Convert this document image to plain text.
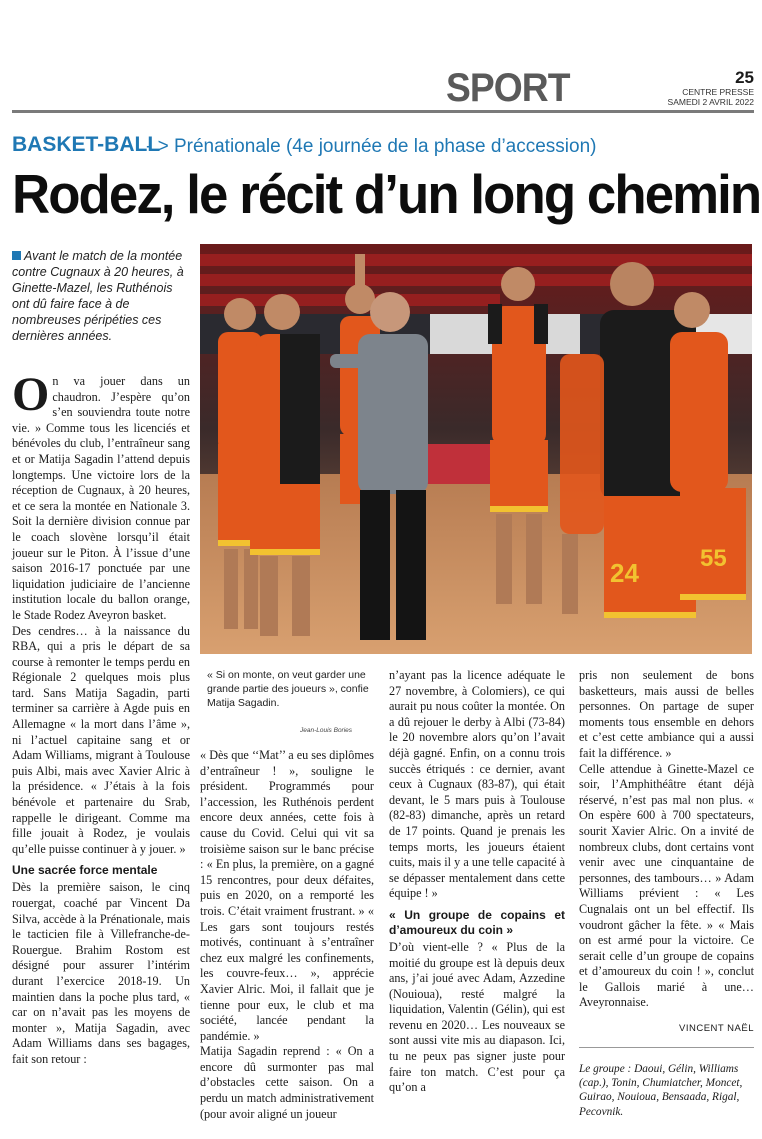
SPORT	25
CENTRE PRESSE
SAMEDI 2 AVRIL 2022
BASKET-BALL
- > Prénationale (4e journée de la phase d’accession)
Rodez, le récit d’un long chemin
Avant le match de la montée contre Cugnaux à 20 heures, à Ginette-Mazel, les Ruthénois ont dû faire face à de nombreuses péripéties ces dernières années.
24	55
« Si on monte, on veut garder une grande partie des joueurs », confie Matija Sagadin.
Jean-Louis Bories

On va jouer dans un chaudron. J’espère qu’on s’en souviendra toute notre vie. » Comme tous les licenciés et bénévoles du club, l’entraîneur sang et or Matija Sagadin l’attend depuis longtemps. Une victoire lors de la réception de Cugnaux, à 20 heures, et ce sera la montée en Nationale 3. Soit la dernière division connue par le coach slovène lorsqu’il était joueur sur le Piton. À l’issue d’une saison 2016-17 ponctuée par une liquidation judiciaire de l’ancienne institution locale du ballon orange, le Stade Rodez Aveyron basket.

Des cendres… à la naissance du RBA, qui a pris le départ de sa course à remonter le temps perdu en Régionale 2 quelques mois plus tard. Sans Matija Sagadin, parti terminer sa carrière à Agde puis en Allemagne « la mort dans l’âme », ni l’actuel capitaine sang et or Adam Williams, migrant à Toulouse puis Albi, mais avec Xavier Alric à la présidence. « J’étais à la fois bénévole et partenaire du Srab, rappelle le dirigeant. Comme ma fille jouait à Rodez, je voulais qu’elle puisse continuer à y jouer. »

Une sacrée force mentale

Dès la première saison, le cinq rouergat, coaché par Vincent Da Silva, accède à la Prénationale, mais le tacticien file à Villefranche-de-Rouergue. Brahim Rostom est désigné pour assurer l’intérim durant l’exercice 2018-19. Un maintien dans la poche plus tard, « car on n’avait pas les moyens de monter », Matija Sagadin, avec Adam Williams dans ses bagages, fait son retour :

« Dès que ‘‘Mat’’ a eu ses diplômes d’entraîneur ! », souligne le président. Programmés pour l’accession, les Ruthénois perdent encore deux années, cette fois à cause du Covid. Celui qui vit sa troisième saison sur le banc précise : « En plus, la première, on a gagné 15 rencontres, pour deux défaites, puis en 2020, on a remporté les trois. C’était vraiment frustrant. » « Les gars sont toujours restés motivés, continuant à s’entraîner chez eux malgré les confinements, les couvre-feux… », apprécie Xavier Alric. Moi, il fallait que je tienne pour eux, le club et ma société, lancée pendant la pandémie. »

Matija Sagadin reprend : « On a encore dû surmonter pas mal d’obstacles cette saison. On a perdu un match administrativement (pour avoir aligné un joueur

n’ayant pas la licence adéquate le 27 novembre, à Colomiers), ce qui aurait pu nous coûter la montée. On a dû rejouer le derby à Albi (73-84) le 20 novembre alors qu’on l’avait déjà gagné. Enfin, on a connu trois succès étriqués : ce dernier, avant ceux à Cugnaux (83-87), qui était devant, le 5 mars puis à Toulouse (82-83) dimanche, après un retard de 17 points. Quand je prenais les temps morts, les joueurs étaient cuits, mais il y a une telle capacité à se dépasser mentalement dans cette équipe ! »

« Un groupe de copains et d’amoureux du coin »

D’où vient-elle ? « Plus de la moitié du groupe est là depuis deux ans, j’ai joué avec Adam, Azzedine (Nouioua), resté malgré la liquidation, Valentin (Gélin), qui est revenu en 2020… Les nouveaux se sont aussi vite mis au diapason. Ici, tu ne peux pas signer juste pour faire ton match. C’est pour ça qu’on a

pris non seulement de bons basketteurs, mais aussi de belles personnes. On partage de super moments tous ensemble en dehors et c’est cette ambiance qui a aussi fait la différence. »

Celle attendue à Ginette-Mazel ce soir, l’Amphithéâtre étant déjà réservé, n’est pas mal non plus. « On espère 600 à 700 spectateurs, sourit Xavier Alric. On a invité de nombreux clubs, dont certains vont venir avec une cinquantaine de personnes, des tambours… » Adam Williams prévient : « Les Cugnalais ont un bel effectif. Ils voudront gâcher la fête. » « Mais on est armé pour la victoire. Ce serait celle d’un groupe de copains et d’amoureux du coin ! », conclut le Gallois marié à une… Aveyronnaise.

VINCENT NAËL

Le groupe : Daoui, Gélin, Williams (cap.), Tonin, Chumiatcher, Moncet, Guirao, Nouioua, Bensaada, Rigal, Pecovnik.
